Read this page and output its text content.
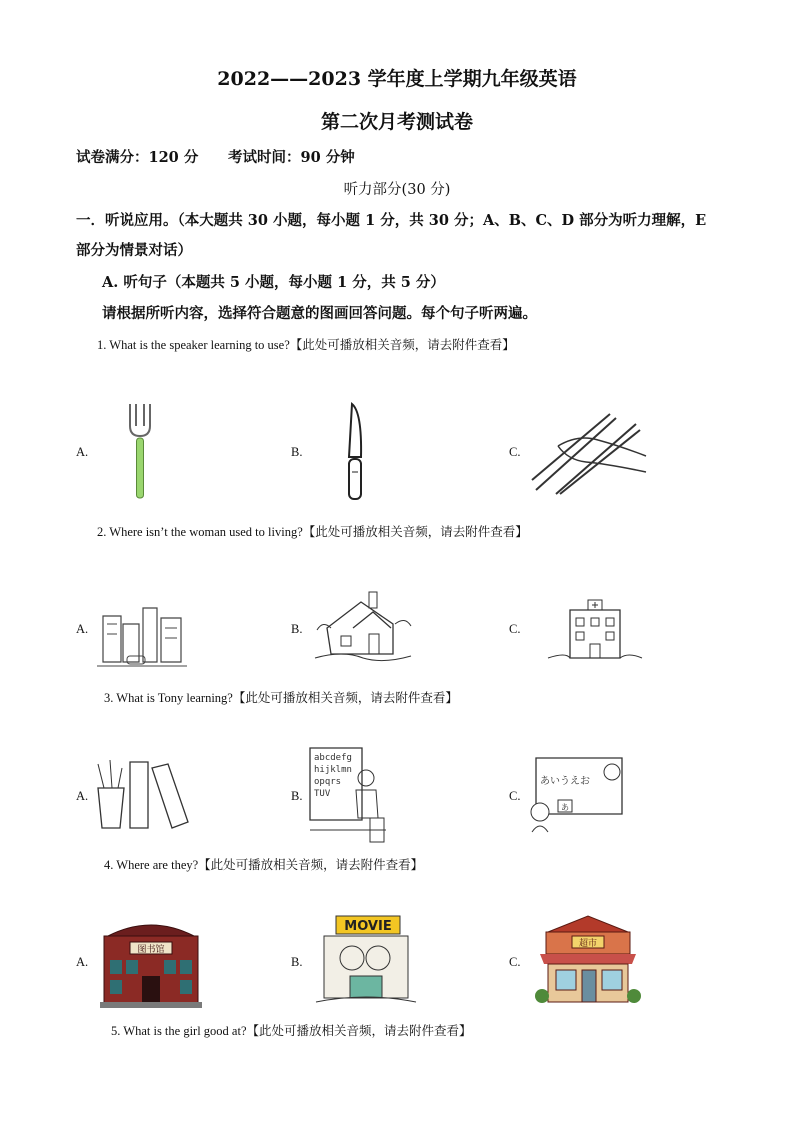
2022——2023 学年度上学期九年级英语
第二次月考测试卷
试卷满分：120 分 考试时间：90 分钟
听力部分(30 分)
一．听说应用。（本大题共 30 小题，每小题 1 分，共 30 分；A、B、C、D 部分为听力理解，E
部分为情景对话）
A. 听句子（本题共 5 小题，每小题 1 分，共 5 分）
请根据所听内容，选择符合题意的图画回答问题。每个句子听两遍。
1. What is the speaker learning to use?【此处可播放相关音频，请去附件查看】
A.	B.	C.
2. Where isn’t the woman used to living?【此处可播放相关音频，请去附件查看】
A.	B.	C.
3. What is Tony learning?【此处可播放相关音频，请去附件查看】
A.	B.	C.
abcdefg
hijklmn
opqrs
TUV
あいうえお
あ
4. Where are they?【此处可播放相关音频，请去附件查看】
A.	B.	C.
图书馆
MOVIE
超市
5. What is the girl good at?【此处可播放相关音频，请去附件查看】
